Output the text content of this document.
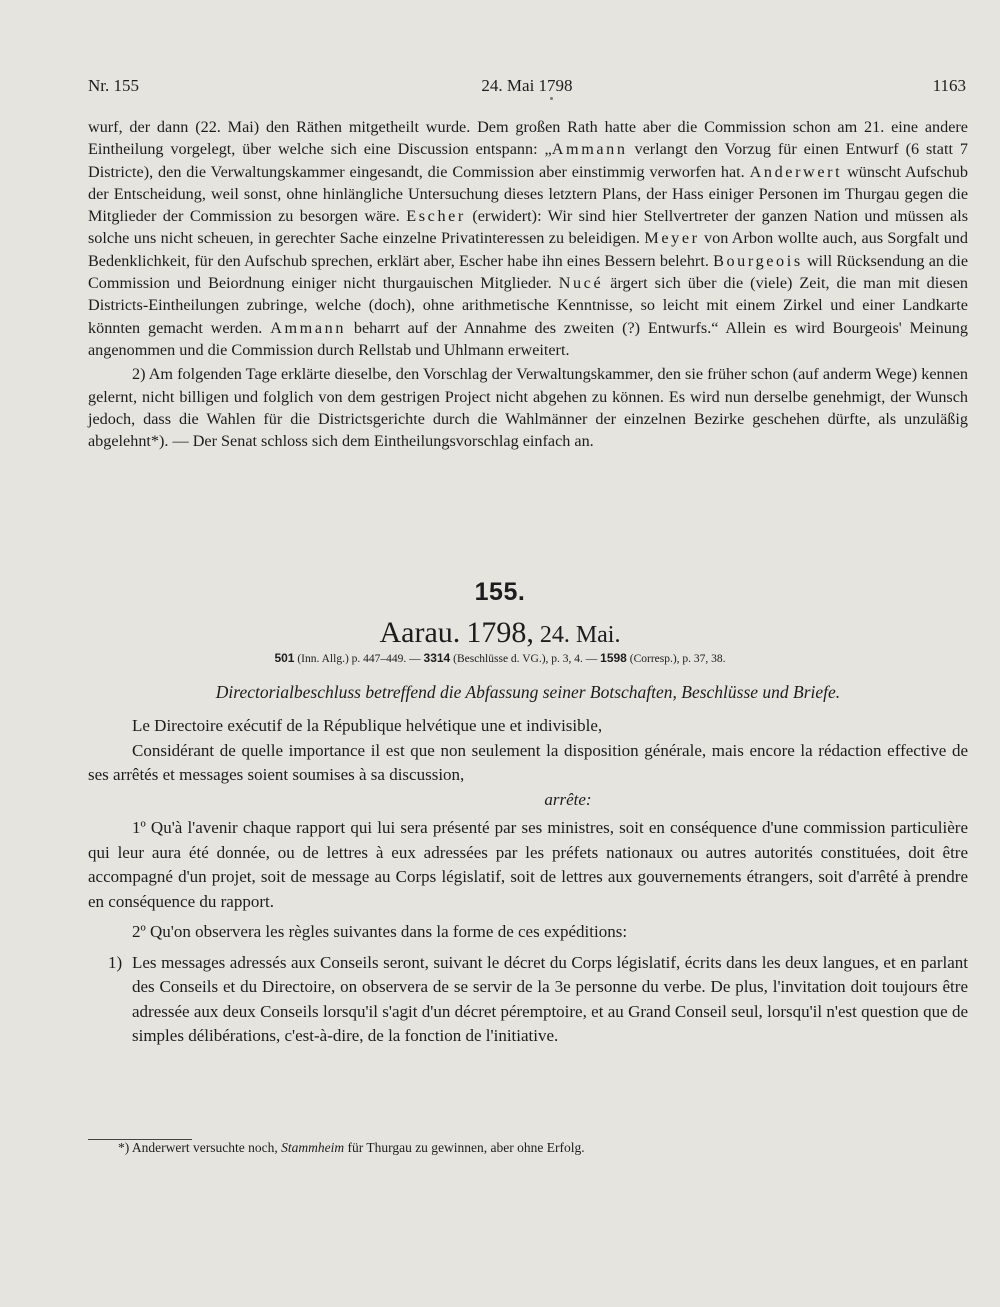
Nr. 155	24. Mai 1798	1163

wurf, der dann (22. Mai) den Räthen mitgetheilt wurde. Dem großen Rath hatte aber die Commission schon am 21. eine andere Eintheilung vorgelegt, über welche sich eine Discussion entspann: „Ammann verlangt den Vorzug für einen Entwurf (6 statt 7 Districte), den die Verwaltungskammer eingesandt, die Commission aber einstimmig verworfen hat. Anderwert wünscht Aufschub der Entscheidung, weil sonst, ohne hinlängliche Untersuchung dieses letztern Plans, der Hass einiger Personen im Thurgau gegen die Mitglieder der Commission zu besorgen wäre. Escher (erwidert): Wir sind hier Stellvertreter der ganzen Nation und müssen als solche uns nicht scheuen, in gerechter Sache einzelne Privatinteressen zu beleidigen. Meyer von Arbon wollte auch, aus Sorgfalt und Bedenklichkeit, für den Aufschub sprechen, erklärt aber, Escher habe ihn eines Bessern belehrt. Bourgeois will Rücksendung an die Commission und Beiordnung einiger nicht thurgauischen Mitglieder. Nucé ärgert sich über die (viele) Zeit, die man mit diesen Districts-Eintheilungen zubringe, welche (doch), ohne arithmetische Kenntnisse, so leicht mit einem Zirkel und einer Landkarte könnten gemacht werden. Ammann beharrt auf der Annahme des zweiten (?) Entwurfs.“ Allein es wird Bourgeois' Meinung angenommen und die Commission durch Rellstab und Uhlmann erweitert.

2) Am folgenden Tage erklärte dieselbe, den Vorschlag der Verwaltungskammer, den sie früher schon (auf anderm Wege) kennen gelernt, nicht billigen und folglich von dem gestrigen Project nicht abgehen zu können. Es wird nun derselbe genehmigt, der Wunsch jedoch, dass die Wahlen für die Districtsgerichte durch die Wahlmänner der einzelnen Bezirke geschehen dürfte, als unzuläßig abgelehnt*). — Der Senat schloss sich dem Eintheilungsvorschlag einfach an.

155.
Aarau. 1798, 24. Mai.
501 (Inn. Allg.) p. 447–449. — 3314 (Beschlüsse d. VG.), p. 3, 4. — 1598 (Corresp.), p. 37, 38.
Directorialbeschluss betreffend die Abfassung seiner Botschaften, Beschlüsse und Briefe.

Le Directoire exécutif de la République helvétique une et indivisible,

Considérant de quelle importance il est que non seulement la disposition générale, mais encore la rédaction effective de ses arrêtés et messages soient soumises à sa discussion,

arrête:

1º Qu'à l'avenir chaque rapport qui lui sera présenté par ses ministres, soit en conséquence d'une commission particulière qui leur aura été donnée, ou de lettres à eux adressées par les préfets nationaux ou autres autorités constituées, doit être accompagné d'un projet, soit de message au Corps législatif, soit de lettres aux gouvernements étrangers, soit d'arrêté à prendre en conséquence du rapport.

2º Qu'on observera les règles suivantes dans la forme de ces expéditions:

1) Les messages adressés aux Conseils seront, suivant le décret du Corps législatif, écrits dans les deux langues, et en parlant des Conseils et du Directoire, on observera de se servir de la 3e personne du verbe. De plus, l'invitation doit toujours être adressée aux deux Conseils lorsqu'il s'agit d'un décret péremptoire, et au Grand Conseil seul, lorsqu'il n'est question que de simples délibérations, c'est-à-dire, de la fonction de l'initiative.

*) Anderwert versuchte noch, Stammheim für Thurgau zu gewinnen, aber ohne Erfolg.
